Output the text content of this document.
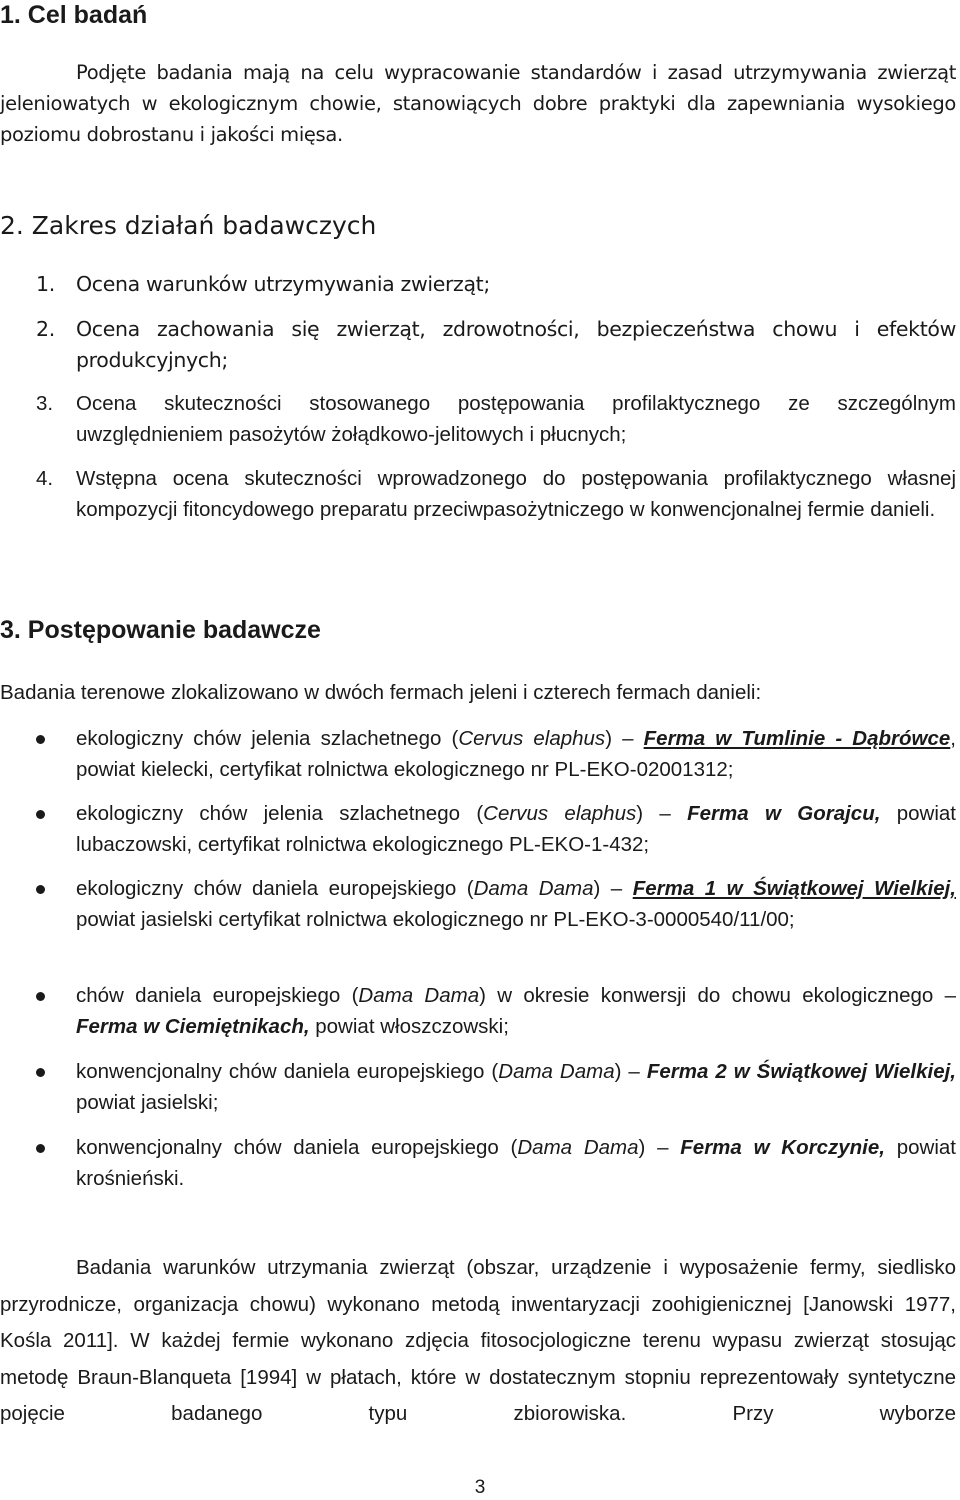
1. Cel badań
Podjęte badania mają na celu wypracowanie standardów i zasad utrzymywania zwierząt jeleniowatych w ekologicznym chowie, stanowiących dobre praktyki dla zapewniania wysokiego poziomu dobrostanu i jakości mięsa.
2. Zakres działań badawczych
1. Ocena warunków utrzymywania zwierząt;
2. Ocena zachowania się zwierząt, zdrowotności, bezpieczeństwa chowu i efektów produkcyjnych;
3. Ocena skuteczności stosowanego postępowania profilaktycznego ze szczególnym uwzględnieniem pasożytów żołądkowo-jelitowych i płucnych;
4. Wstępna ocena skuteczności wprowadzonego do postępowania profilaktycznego własnej kompozycji fitoncydowego preparatu przeciwpasożytniczego w konwencjonalnej fermie danieli.
3. Postępowanie badawcze
Badania terenowe zlokalizowano w dwóch fermach jeleni i czterech fermach danieli:
ekologiczny chów jelenia szlachetnego (Cervus elaphus) – Ferma w Tumlinie - Dąbrówce, powiat kielecki, certyfikat rolnictwa ekologicznego nr PL-EKO-02001312;
ekologiczny chów jelenia szlachetnego (Cervus elaphus) – Ferma w Gorajcu, powiat lubaczowski, certyfikat rolnictwa ekologicznego PL-EKO-1-432;
ekologiczny chów daniela europejskiego (Dama Dama) – Ferma 1 w Świątkowej Wielkiej, powiat jasielski certyfikat rolnictwa ekologicznego nr PL-EKO-3-0000540/11/00;
chów daniela europejskiego (Dama Dama) w okresie konwersji do chowu ekologicznego – Ferma w Ciemiętnikach, powiat włoszczowski;
konwencjonalny chów daniela europejskiego (Dama Dama) – Ferma 2 w Świątkowej Wielkiej, powiat jasielski;
konwencjonalny chów daniela europejskiego (Dama Dama) – Ferma w Korczynie, powiat krośnieński.
Badania warunków utrzymania zwierząt (obszar, urządzenie i wyposażenie fermy, siedlisko przyrodnicze, organizacja chowu) wykonano metodą inwentaryzacji zoohigienicznej [Janowski 1977, Kośla 2011]. W każdej fermie wykonano zdjęcia fitosocjologiczne terenu wypasu zwierząt stosując metodę Braun-Blanqueta [1994] w płatach, które w dostatecznym stopniu reprezentowały syntetyczne pojęcie badanego typu zbiorowiska. Przy wyborze
3
